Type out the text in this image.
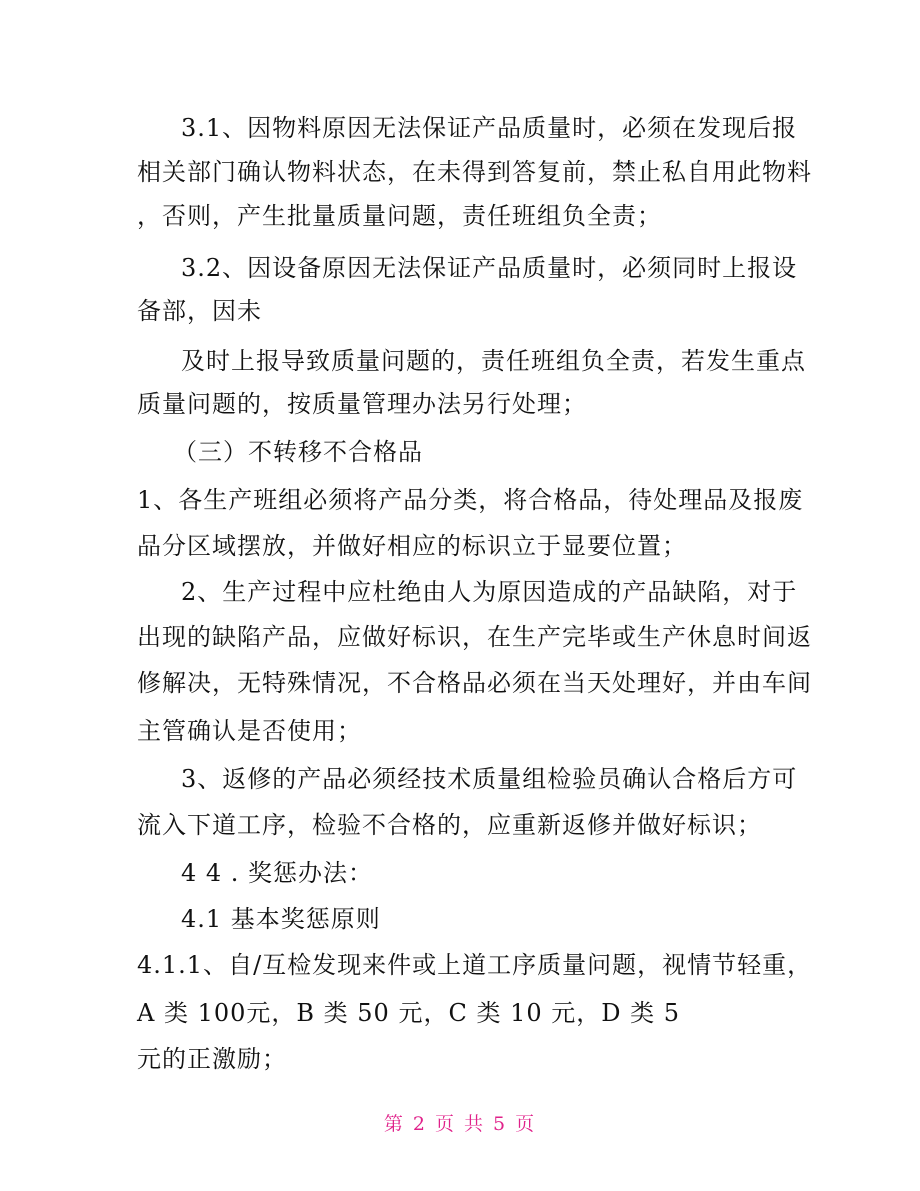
3.1、因物料原因无法保证产品质量时，必须在发现后报
相关部门确认物料状态，在未得到答复前，禁止私自用此物料
，否则，产生批量质量问题，责任班组负全责；
3.2、因设备原因无法保证产品质量时，必须同时上报设
备部，因未
及时上报导致质量问题的，责任班组负全责，若发生重点
质量问题的，按质量管理办法另行处理；
（三）不转移不合格品
1、各生产班组必须将产品分类，将合格品，待处理品及报废
品分区域摆放，并做好相应的标识立于显要位置；
2、生产过程中应杜绝由人为原因造成的产品缺陷，对于
出现的缺陷产品，应做好标识，在生产完毕或生产休息时间返
修解决，无特殊情况，不合格品必须在当天处理好，并由车间
主管确认是否使用；
3、返修的产品必须经技术质量组检验员确认合格后方可
流入下道工序，检验不合格的，应重新返修并做好标识；
4 4 . 奖惩办法：
4.1 基本奖惩原则
4.1.1、自/互检发现来件或上道工序质量问题，视情节轻重，
A 类 100元，B 类 50 元，C 类 10 元，D 类 5
元的正激励；
第 2 页 共 5 页
